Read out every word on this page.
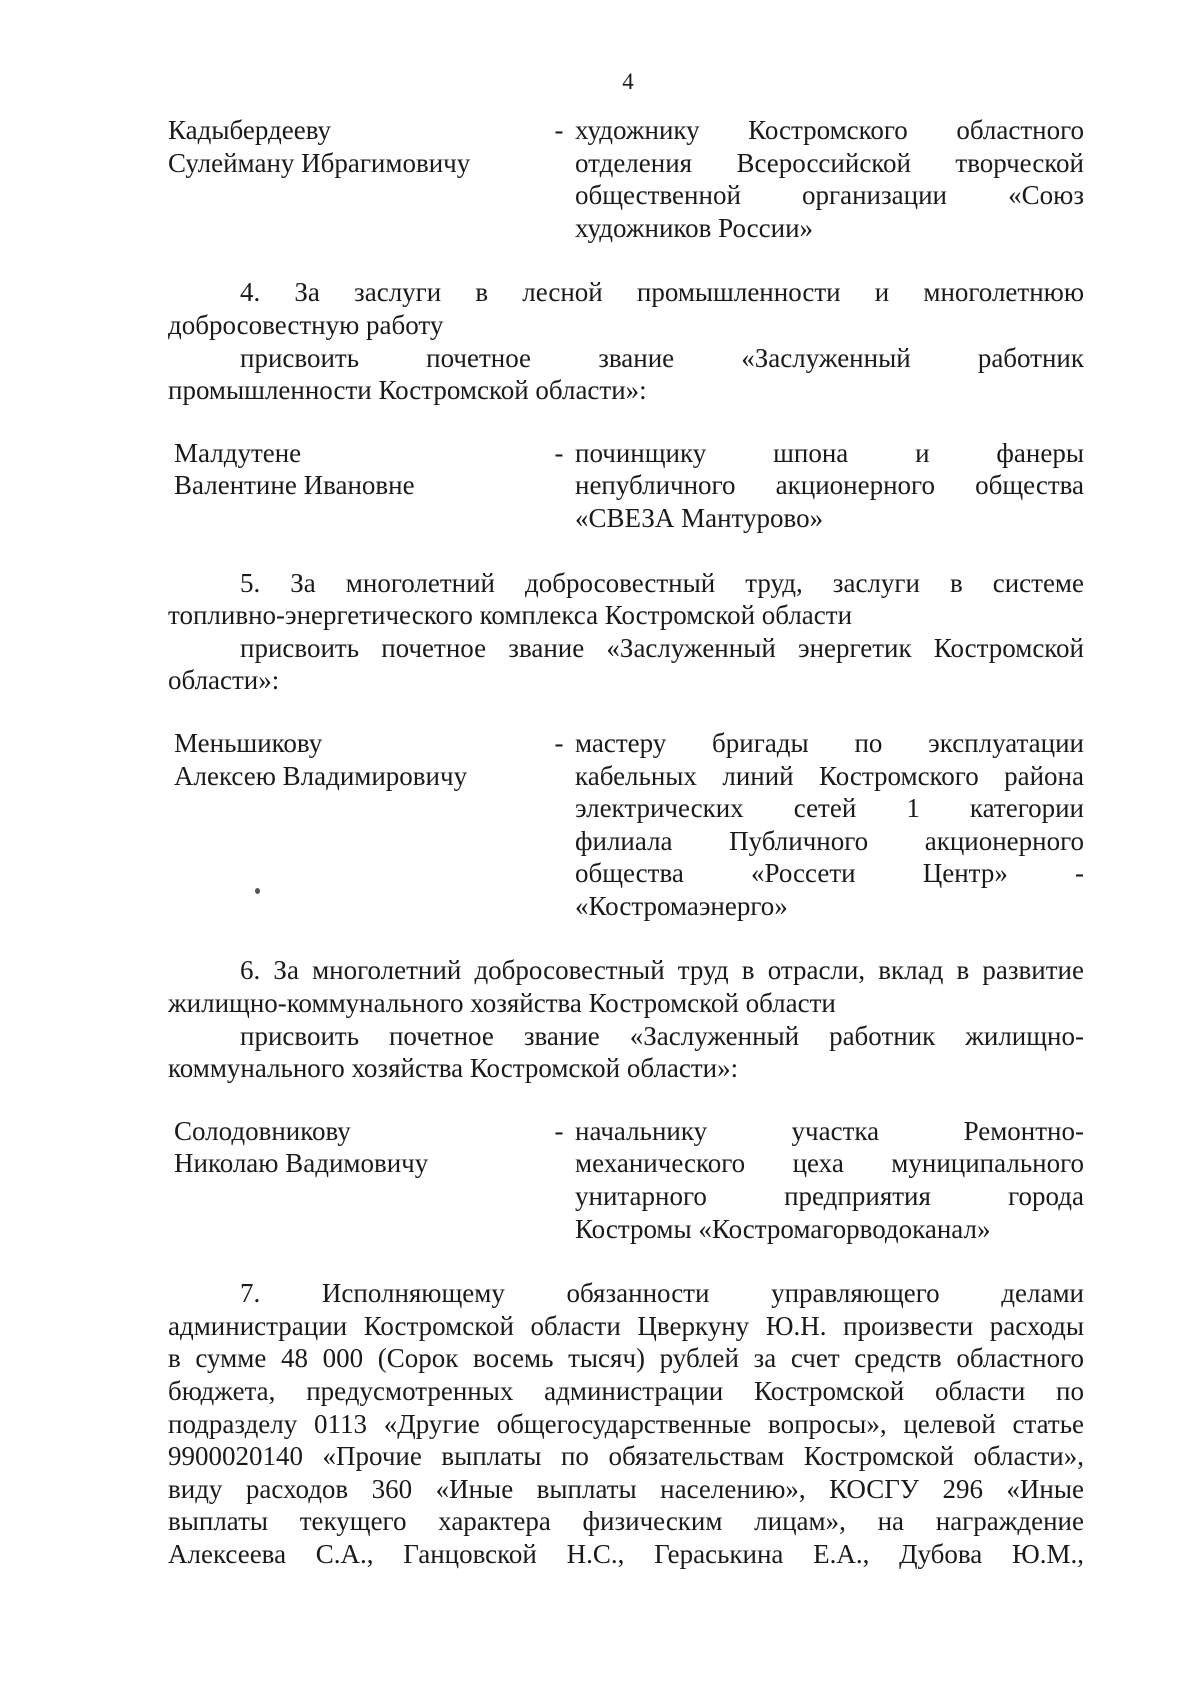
4
Кадыбердееву
Сулейману Ибрагимовичу
- художнику Костромского областного
отделения Всероссийской творческой
общественной организации «Союз
художников России»
4. За заслуги в лесной промышленности и многолетнюю
добросовестную работу
присвоить почетное звание «Заслуженный работник
промышленности Костромской области»:
Малдутене
Валентине Ивановне
- починщику шпона и фанеры
непубличного акционерного общества
«СВЕЗА Мантурово»
5. За многолетний добросовестный труд, заслуги в системе
топливно-энергетического комплекса Костромской области
присвоить почетное звание «Заслуженный энергетик Костромской
области»:
Меньшикову
Алексею Владимировичу
- мастеру бригады по эксплуатации
кабельных линий Костромского района
электрических сетей 1 категории
филиала Публичного акционерного
общества «Россети Центр» -
«Костромаэнерго»
6. За многолетний добросовестный труд в отрасли, вклад в развитие
жилищно-коммунального хозяйства Костромской области
присвоить почетное звание «Заслуженный работник жилищно-
коммунального хозяйства Костромской области»:
Солодовникову
Николаю Вадимовичу
- начальнику участка Ремонтно-
механического цеха муниципального
унитарного предприятия города
Костромы «Костромагорводоканал»
7. Исполняющему обязанности управляющего делами
администрации Костромской области Цверкуну Ю.Н. произвести расходы
в сумме 48 000 (Сорок восемь тысяч) рублей за счет средств областного
бюджета, предусмотренных администрации Костромской области по
подразделу 0113 «Другие общегосударственные вопросы», целевой статье
9900020140 «Прочие выплаты по обязательствам Костромской области»,
виду расходов 360 «Иные выплаты населению», КОСГУ 296 «Иные
выплаты текущего характера физическим лицам», на награждение
Алексеева С.А., Ганцовской Н.С., Гераськина Е.А., Дубова Ю.М.,
